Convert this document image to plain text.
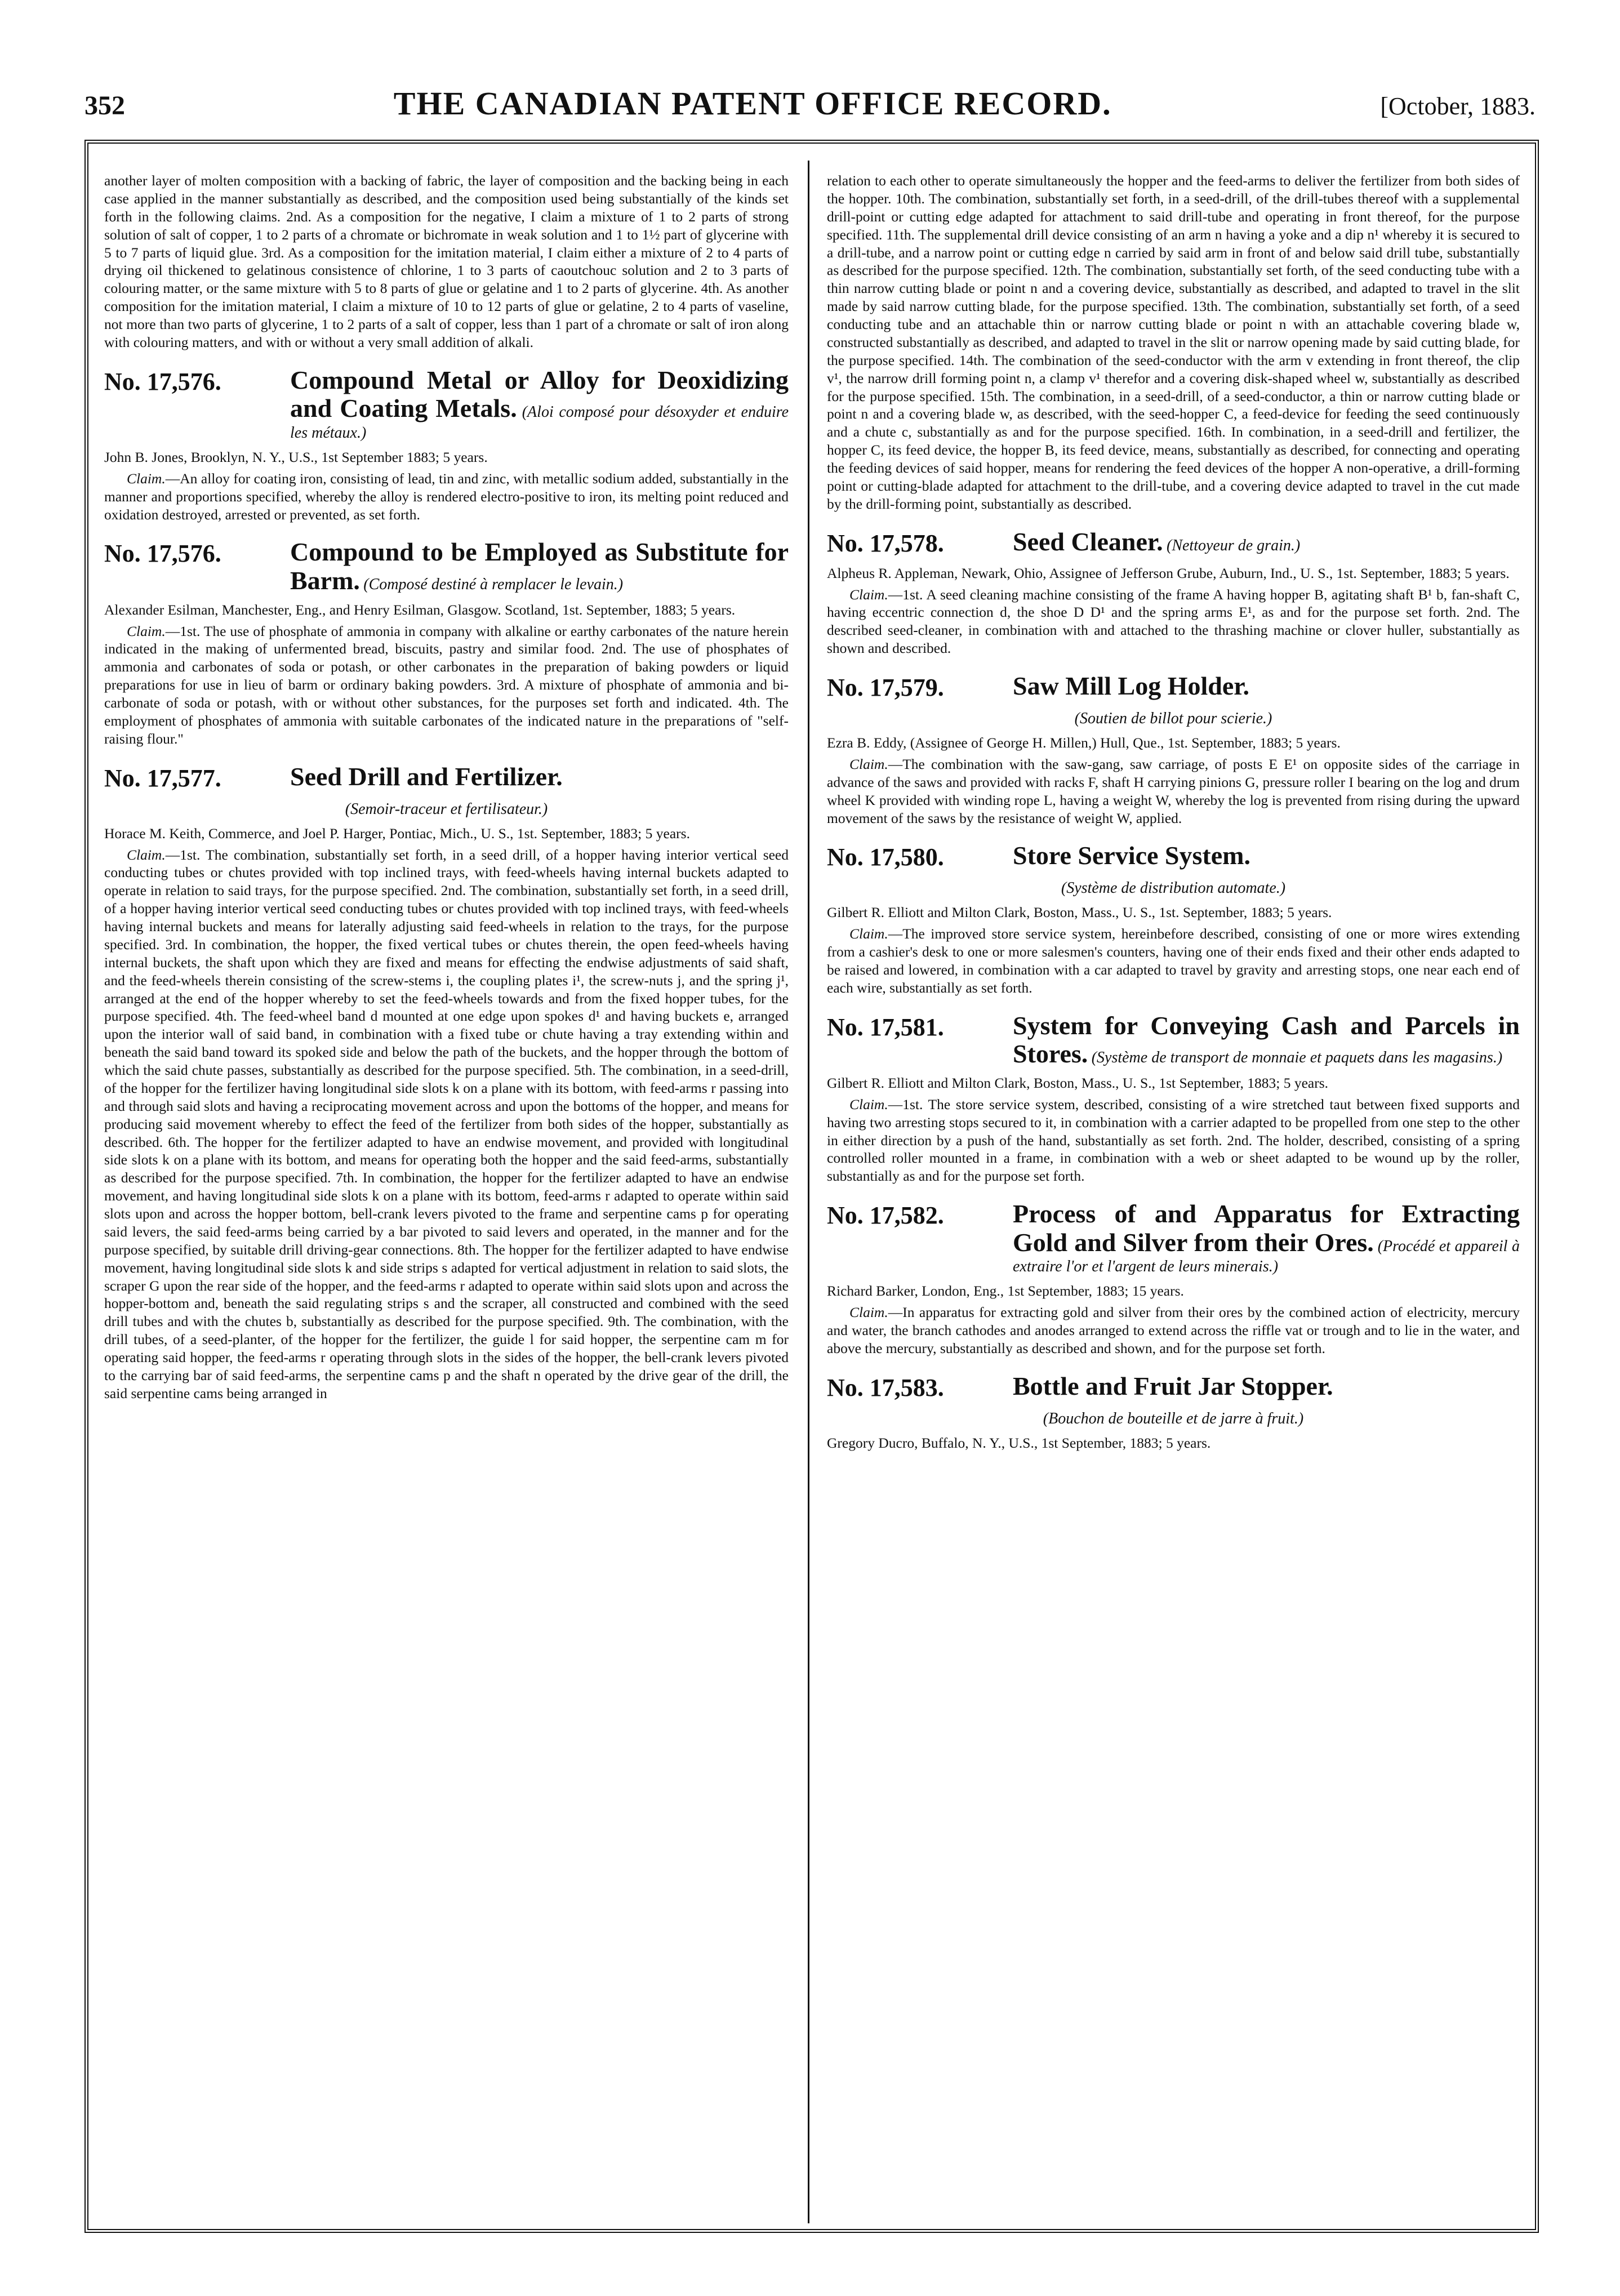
352	THE CANADIAN PATENT OFFICE RECORD.	[October, 1883.

another layer of molten composition with a backing of fabric, the layer of composition and the backing being in each case applied in the manner substantially as described, and the composition used being substantially of the kinds set forth in the following claims. 2nd. As a composition for the negative, I claim a mixture of 1 to 2 parts of strong solution of salt of copper, 1 to 2 parts of a chromate or bichromate in weak solution and 1 to 1½ part of glycerine with 5 to 7 parts of liquid glue. 3rd. As a composition for the imitation material, I claim either a mixture of 2 to 4 parts of drying oil thickened to gelatinous consistence of chlorine, 1 to 3 parts of caoutchouc solution and 2 to 3 parts of colouring matter, or the same mixture with 5 to 8 parts of glue or gelatine and 1 to 2 parts of glycerine. 4th. As another composition for the imitation material, I claim a mixture of 10 to 12 parts of glue or gelatine, 2 to 4 parts of vaseline, not more than two parts of glycerine, 1 to 2 parts of a salt of copper, less than 1 part of a chromate or salt of iron along with colouring matters, and with or without a very small addition of alkali.

No. 17,576.	Compound Metal or Alloy for Deoxidizing and Coating Metals. (Aloi composé pour désoxyder et enduire les métaux.)

John B. Jones, Brooklyn, N. Y., U.S., 1st September 1883; 5 years.

Claim.—An alloy for coating iron, consisting of lead, tin and zinc, with metallic sodium added, substantially in the manner and proportions specified, whereby the alloy is rendered electro-positive to iron, its melting point reduced and oxidation destroyed, arrested or prevented, as set forth.

No. 17,576.	Compound to be Employed as Substitute for Barm. (Composé destiné à remplacer le levain.)

Alexander Esilman, Manchester, Eng., and Henry Esilman, Glasgow. Scotland, 1st. September, 1883; 5 years.

Claim.—1st. The use of phosphate of ammonia in company with alkaline or earthy carbonates of the nature herein indicated in the making of unfermented bread, biscuits, pastry and similar food. 2nd. The use of phosphates of ammonia and carbonates of soda or potash, or other carbonates in the preparation of baking powders or liquid preparations for use in lieu of barm or ordinary baking powders. 3rd. A mixture of phosphate of ammonia and bi-carbonate of soda or potash, with or without other substances, for the purposes set forth and indicated. 4th. The employment of phosphates of ammonia with suitable carbonates of the indicated nature in the preparations of "self-raising flour."

No. 17,577.	Seed Drill and Fertilizer.

(Semoir-traceur et fertilisateur.)

Horace M. Keith, Commerce, and Joel P. Harger, Pontiac, Mich., U. S., 1st. September, 1883; 5 years.

Claim.—1st. The combination, substantially set forth, in a seed drill, of a hopper having interior vertical seed conducting tubes or chutes provided with top inclined trays, with feed-wheels having internal buckets adapted to operate in relation to said trays, for the purpose specified. 2nd. The combination, substantially set forth, in a seed drill, of a hopper having interior vertical seed conducting tubes or chutes provided with top inclined trays, with feed-wheels having internal buckets and means for laterally adjusting said feed-wheels in relation to the trays, for the purpose specified. 3rd. In combination, the hopper, the fixed vertical tubes or chutes therein, the open feed-wheels having internal buckets, the shaft upon which they are fixed and means for effecting the endwise adjustments of said shaft, and the feed-wheels therein consisting of the screw-stems i, the coupling plates i¹, the screw-nuts j, and the spring j¹, arranged at the end of the hopper whereby to set the feed-wheels towards and from the fixed hopper tubes, for the purpose specified. 4th. The feed-wheel band d mounted at one edge upon spokes d¹ and having buckets e, arranged upon the interior wall of said band, in combination with a fixed tube or chute having a tray extending within and beneath the said band toward its spoked side and below the path of the buckets, and the hopper through the bottom of which the said chute passes, substantially as described for the purpose specified. 5th. The combination, in a seed-drill, of the hopper for the fertilizer having longitudinal side slots k on a plane with its bottom, with feed-arms r passing into and through said slots and having a reciprocating movement across and upon the bottoms of the hopper, and means for producing said movement whereby to effect the feed of the fertilizer from both sides of the hopper, substantially as described. 6th. The hopper for the fertilizer adapted to have an endwise movement, and provided with longitudinal side slots k on a plane with its bottom, and means for operating both the hopper and the said feed-arms, substantially as described for the purpose specified. 7th. In combination, the hopper for the fertilizer adapted to have an endwise movement, and having longitudinal side slots k on a plane with its bottom, feed-arms r adapted to operate within said slots upon and across the hopper bottom, bell-crank levers pivoted to the frame and serpentine cams p for operating said levers, the said feed-arms being carried by a bar pivoted to said levers and operated, in the manner and for the purpose specified, by suitable drill driving-gear connections. 8th. The hopper for the fertilizer adapted to have endwise movement, having longitudinal side slots k and side strips s adapted for vertical adjustment in relation to said slots, the scraper G upon the rear side of the hopper, and the feed-arms r adapted to operate within said slots upon and across the hopper-bottom and, beneath the said regulating strips s and the scraper, all constructed and combined with the seed drill tubes and with the chutes b, substantially as described for the purpose specified. 9th. The combination, with the drill tubes, of a seed-planter, of the hopper for the fertilizer, the guide l for said hopper, the serpentine cam m for operating said hopper, the feed-arms r operating through slots in the sides of the hopper, the bell-crank levers pivoted to the carrying bar of said feed-arms, the serpentine cams p and the shaft n operated by the drive gear of the drill, the said serpentine cams being arranged in

relation to each other to operate simultaneously the hopper and the feed-arms to deliver the fertilizer from both sides of the hopper. 10th. The combination, substantially set forth, in a seed-drill, of the drill-tubes thereof with a supplemental drill-point or cutting edge adapted for attachment to said drill-tube and operating in front thereof, for the purpose specified. 11th. The supplemental drill device consisting of an arm n having a yoke and a dip n¹ whereby it is secured to a drill-tube, and a narrow point or cutting edge n carried by said arm in front of and below said drill tube, substantially as described for the purpose specified. 12th. The combination, substantially set forth, of the seed conducting tube with a thin narrow cutting blade or point n and a covering device, substantially as described, and adapted to travel in the slit made by said narrow cutting blade, for the purpose specified. 13th. The combination, substantially set forth, of a seed conducting tube and an attachable thin or narrow cutting blade or point n with an attachable covering blade w, constructed substantially as described, and adapted to travel in the slit or narrow opening made by said cutting blade, for the purpose specified. 14th. The combination of the seed-conductor with the arm v extending in front thereof, the clip v¹, the narrow drill forming point n, a clamp v¹ therefor and a covering disk-shaped wheel w, substantially as described for the purpose specified. 15th. The combination, in a seed-drill, of a seed-conductor, a thin or narrow cutting blade or point n and a covering blade w, as described, with the seed-hopper C, a feed-device for feeding the seed continuously and a chute c, substantially as and for the purpose specified. 16th. In combination, in a seed-drill and fertilizer, the hopper C, its feed device, the hopper B, its feed device, means, substantially as described, for connecting and operating the feeding devices of said hopper, means for rendering the feed devices of the hopper A non-operative, a drill-forming point or cutting-blade adapted for attachment to the drill-tube, and a covering device adapted to travel in the cut made by the drill-forming point, substantially as described.

No. 17,578.	Seed Cleaner. (Nettoyeur de grain.)

Alpheus R. Appleman, Newark, Ohio, Assignee of Jefferson Grube, Auburn, Ind., U. S., 1st. September, 1883; 5 years.

Claim.—1st. A seed cleaning machine consisting of the frame A having hopper B, agitating shaft B¹ b, fan-shaft C, having eccentric connection d, the shoe D D¹ and the spring arms E¹, as and for the purpose set forth. 2nd. The described seed-cleaner, in combination with and attached to the thrashing machine or clover huller, substantially as shown and described.

No. 17,579.	Saw Mill Log Holder.

(Soutien de billot pour scierie.)

Ezra B. Eddy, (Assignee of George H. Millen,) Hull, Que., 1st. September, 1883; 5 years.

Claim.—The combination with the saw-gang, saw carriage, of posts E E¹ on opposite sides of the carriage in advance of the saws and provided with racks F, shaft H carrying pinions G, pressure roller I bearing on the log and drum wheel K provided with winding rope L, having a weight W, whereby the log is prevented from rising during the upward movement of the saws by the resistance of weight W, applied.

No. 17,580.	Store Service System.

(Système de distribution automate.)

Gilbert R. Elliott and Milton Clark, Boston, Mass., U. S., 1st. September, 1883; 5 years.

Claim.—The improved store service system, hereinbefore described, consisting of one or more wires extending from a cashier's desk to one or more salesmen's counters, having one of their ends fixed and their other ends adapted to be raised and lowered, in combination with a car adapted to travel by gravity and arresting stops, one near each end of each wire, substantially as set forth.

No. 17,581.	System for Conveying Cash and Parcels in Stores. (Système de transport de monnaie et paquets dans les magasins.)

Gilbert R. Elliott and Milton Clark, Boston, Mass., U. S., 1st September, 1883; 5 years.

Claim.—1st. The store service system, described, consisting of a wire stretched taut between fixed supports and having two arresting stops secured to it, in combination with a carrier adapted to be propelled from one step to the other in either direction by a push of the hand, substantially as set forth. 2nd. The holder, described, consisting of a spring controlled roller mounted in a frame, in combination with a web or sheet adapted to be wound up by the roller, substantially as and for the purpose set forth.

No. 17,582.	Process of and Apparatus for Extracting Gold and Silver from their Ores. (Procédé et appareil à extraire l'or et l'argent de leurs minerais.)

Richard Barker, London, Eng., 1st September, 1883; 15 years.

Claim.—In apparatus for extracting gold and silver from their ores by the combined action of electricity, mercury and water, the branch cathodes and anodes arranged to extend across the riffle vat or trough and to lie in the water, and above the mercury, substantially as described and shown, and for the purpose set forth.

No. 17,583.	Bottle and Fruit Jar Stopper.

(Bouchon de bouteille et de jarre à fruit.)

Gregory Ducro, Buffalo, N. Y., U.S., 1st September, 1883; 5 years.
